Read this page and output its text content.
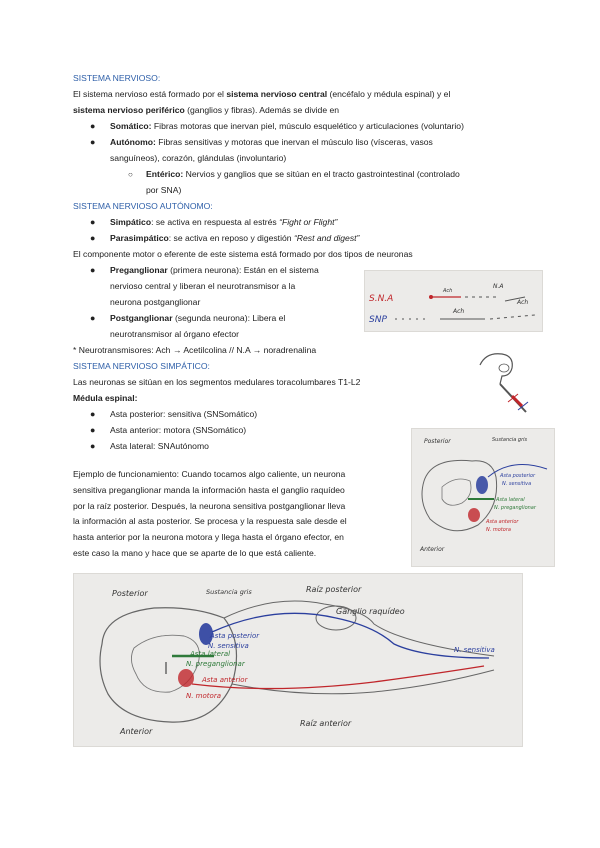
SISTEMA NERVIOSO:
El sistema nervioso está formado por el sistema nervioso central (encéfalo y médula espinal) y el
sistema nervioso periférico (ganglios y fibras). Además se divide en
● Somático: Fibras motoras que inervan piel, músculo esquelético y articulaciones (voluntario)
● Autónomo: Fibras sensitivas y motoras que inervan el músculo liso (vísceras, vasos
sanguíneos), corazón, glándulas (involuntario)
○ Entérico: Nervios y ganglios que se sitúan en el tracto gastrointestinal (controlado
por SNA)
SISTEMA NERVIOSO AUTÓNOMO:
● Simpático: se activa en respuesta al estrés “Fight or Flight”
● Parasimpático: se activa en reposo y digestión “Rest and digest”
El componente motor o eferente de este sistema está formado por dos tipos de neuronas
● Preganglionar (primera neurona): Están en el sistema
nervioso central y liberan el neurotransmisor a la
neurona postganglionar
● Postganglionar (segunda neurona): Libera el
neurotransmisor al órgano efector
* Neurotransmisores: Ach → Acetilcolina // N.A → noradrenalina
SISTEMA NERVIOSO SIMPÁTICO:
Las neuronas se sitúan en los segmentos medulares toracolumbares T1-L2
Médula espinal:
● Asta posterior: sensitiva (SNSomático)
● Asta anterior: motora (SNSomático)
● Asta lateral: SNAutónomo
Ejemplo de funcionamiento: Cuando tocamos algo caliente, un neurona
sensitiva preganglionar manda la información hasta el ganglio raquídeo
por la raíz posterior. Después, la neurona sensitiva postganglionar lleva
la información al asta posterior. Se procesa y la respuesta sale desde el
hasta anterior por la neurona motora y llega hasta el órgano efector, en
este caso la mano y hace que se aparte de lo que está caliente.
S.N.A
N.A
Ach
Ach
SNP
Ach
Posterior	Sustancia gris
Asta posterior
N. sensitiva
Asta lateral
N. preganglionar
Asta anterior
N. motora
Anterior
Posterior	Sustancia gris	Raíz posterior
Ganglio raquídeo
Asta posterior
N. sensitiva	N. sensitiva
Asta lateral
N. preganglionar
Asta anterior
N. motora
Anterior
Raíz anterior
